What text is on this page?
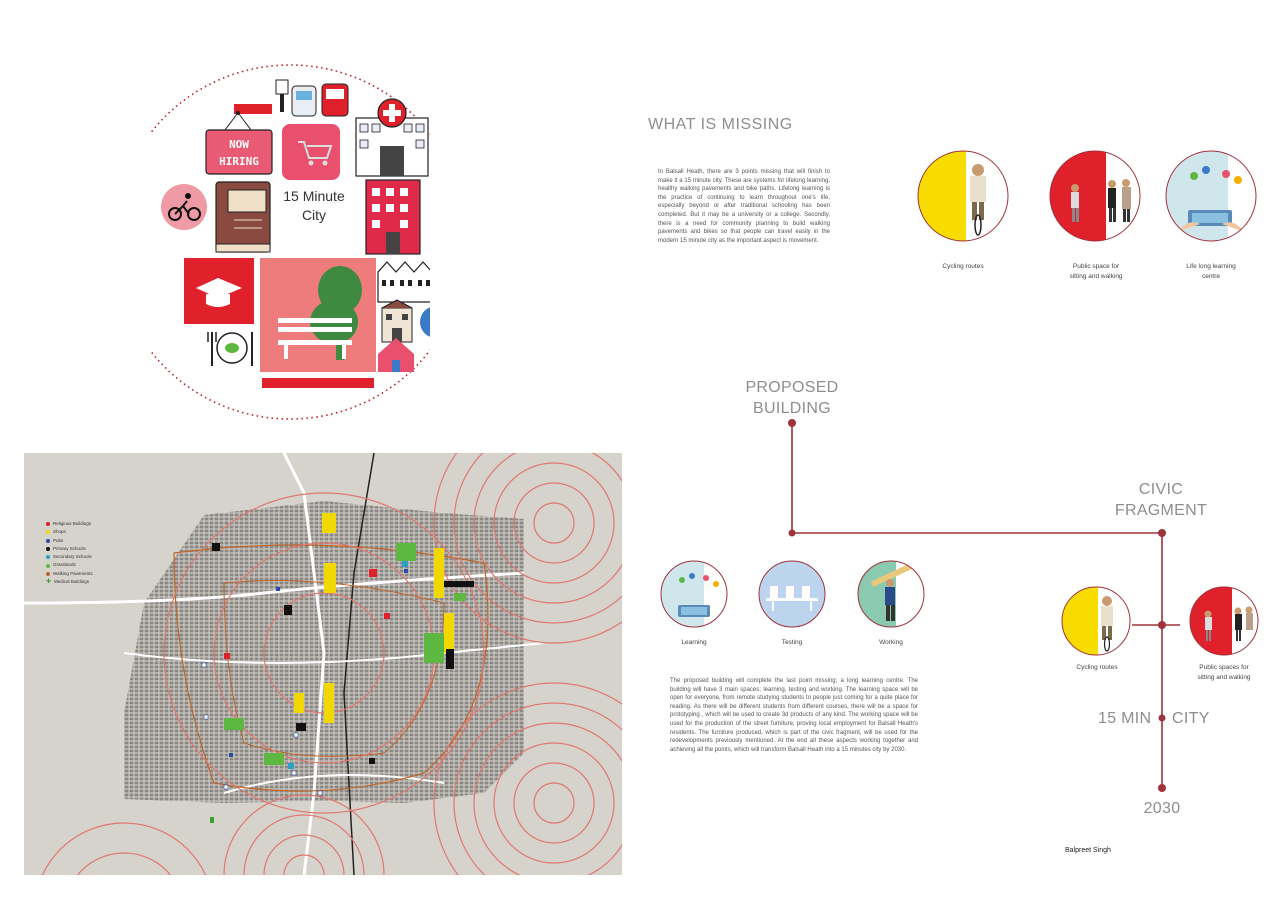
NOW
HIRING
15 Minute City
WHAT IS MISSING
In Balsall Heath, there are 3 points missing that will finish to make it a 15 minute city. These are systems for lifelong learning, healthy walking pavements and bike paths. Lifelong learning is the practice of continuing to learn throughout one's life, especially beyond or after traditional schooling has been completed. But it may be a university or a college. Secondly, there is a need for community planning to build walking pavements and bikes so that people can travel easily in the modern 15 minute city as the important aspect is movement.
Cycling routes	Public space for sitting and walking
Life long learning centre
PROPOSED BUILDING
CIVIC FRAGMENT
15 MIN CITY
2030
Learning	Testing	Working
The proposed building will complete the last point missing; a long learning centre. The building will have 3 main spaces; learning, testing and working. The learning space will be open for everyone, from remote studying students to people just coming for a quite place for reading. As there will be different students from different courses, there will be a space for prototyping , which will be used to create 3d products of any kind. The working space will be used for the production of the street furniture, proving local employment for Balsall Heath's residents. The furniture produced, which is part of the civic fragment, will be used for the redevelopments previously mentioned. At the end all these aspects working together and achieving all the points, which will transform Balsall Heath into a 15 minutes city by 2030.
Cycling routes	Public spaces for sitting and walking
Balpreet Singh
Religious Buildings
Shops
Pubs
Primary Schools
Secondary Schools
Grasslands
Walking Pavements
✚ Medical Buildings
